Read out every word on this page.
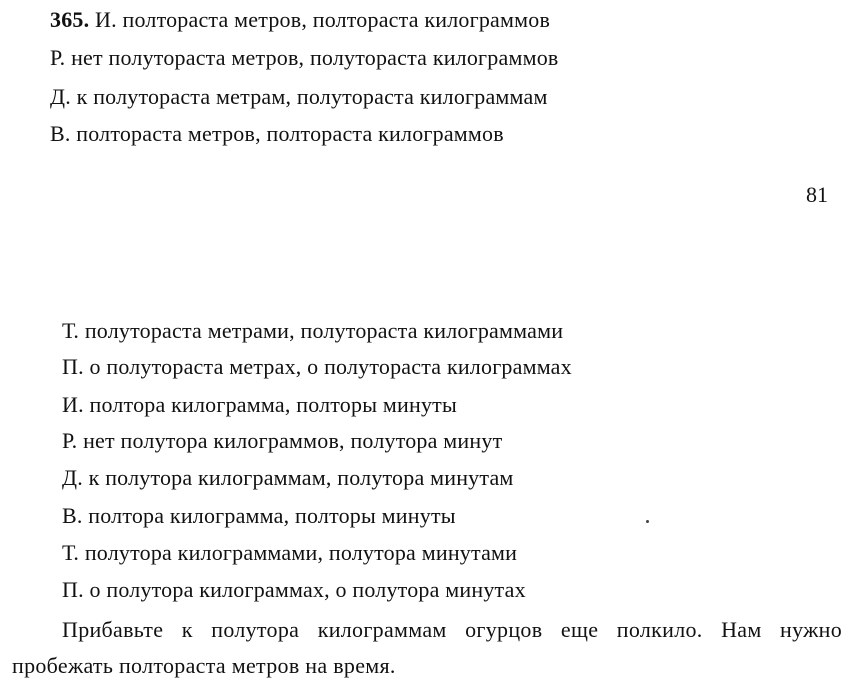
365. И. полтораста метров, полтораста килограммов
Р. нет полутораста метров, полутораста килограммов
Д. к полутораста метрам, полутораста килограммам
В. полтораста метров, полтораста килограммов
81
Т. полутораста метрами, полутораста килограммами
П. о полутораста метрах, о полутораста килограммах
И. полтора килограмма, полторы минуты
Р. нет полутора килограммов, полутора минут
Д. к полутора килограммам, полутора минутам
В. полтора килограмма, полторы минуты
Т. полутора килограммами, полутора минутами
П. о полутора килограммах, о полутора минутах
Прибавьте к полутора килограммам огурцов еще полкило. Нам нужно пробежать полтораста метров на время.
